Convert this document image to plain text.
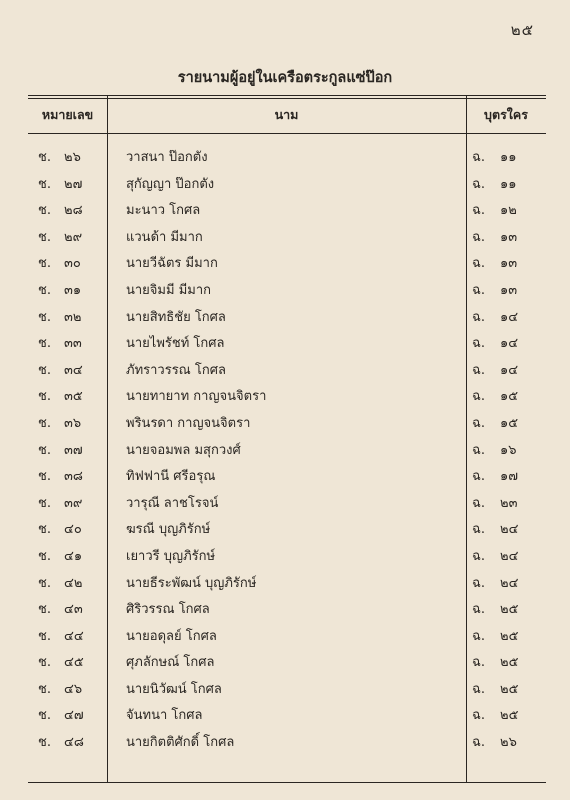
๒๕
รายนามผู้อยู่ในเครือตระกูลแซ่ป๊อก
หมายเลข	นาม	บุตรใคร
ช. ๒๖	วาสนา ป๊อกตัง	ฉ. ๑๑
ช. ๒๗	สุกัญญา ป๊อกตัง	ฉ. ๑๑
ช. ๒๘	มะนาว โกศล	ฉ. ๑๒
ช. ๒๙	แวนด้า มีมาก	ฉ. ๑๓
ช. ๓๐	นายวีฉัตร มีมาก	ฉ. ๑๓
ช. ๓๑	นายจิมมี มีมาก	ฉ. ๑๓
ช. ๓๒	นายสิทธิชัย โกศล	ฉ. ๑๔
ช. ๓๓	นายไพรัชท์ โกศล	ฉ. ๑๔
ช. ๓๔	ภัทราวรรณ โกศล	ฉ. ๑๔
ช. ๓๕	นายทายาท กาญจนจิตรา	ฉ. ๑๕
ช. ๓๖	พรินรดา กาญจนจิตรา	ฉ. ๑๕
ช. ๓๗	นายจอมพล มสุกวงศ์	ฉ. ๑๖
ช. ๓๘	ทิฟฟานี ศรีอรุณ	ฉ. ๑๗
ช. ๓๙	วารุณี ลาชโรจน์	ฉ. ๒๓
ช. ๔๐	ฆรณี บุญภิรักษ์	ฉ. ๒๔
ช. ๔๑	เยาวรี บุญภิรักษ์	ฉ. ๒๔
ช. ๔๒	นายธีระพัฒน์ บุญภิรักษ์	ฉ. ๒๔
ช. ๔๓	ศิริวรรณ โกศล	ฉ. ๒๕
ช. ๔๔	นายอดุลย์ โกศล	ฉ. ๒๕
ช. ๔๕	ศุภลักษณ์ โกศล	ฉ. ๒๕
ช. ๔๖	นายนิวัฒน์ โกศล	ฉ. ๒๕
ช. ๔๗	จันทนา โกศล	ฉ. ๒๕
ช. ๔๘	นายกิตติศักดิ์ โกศล	ฉ. ๒๖
